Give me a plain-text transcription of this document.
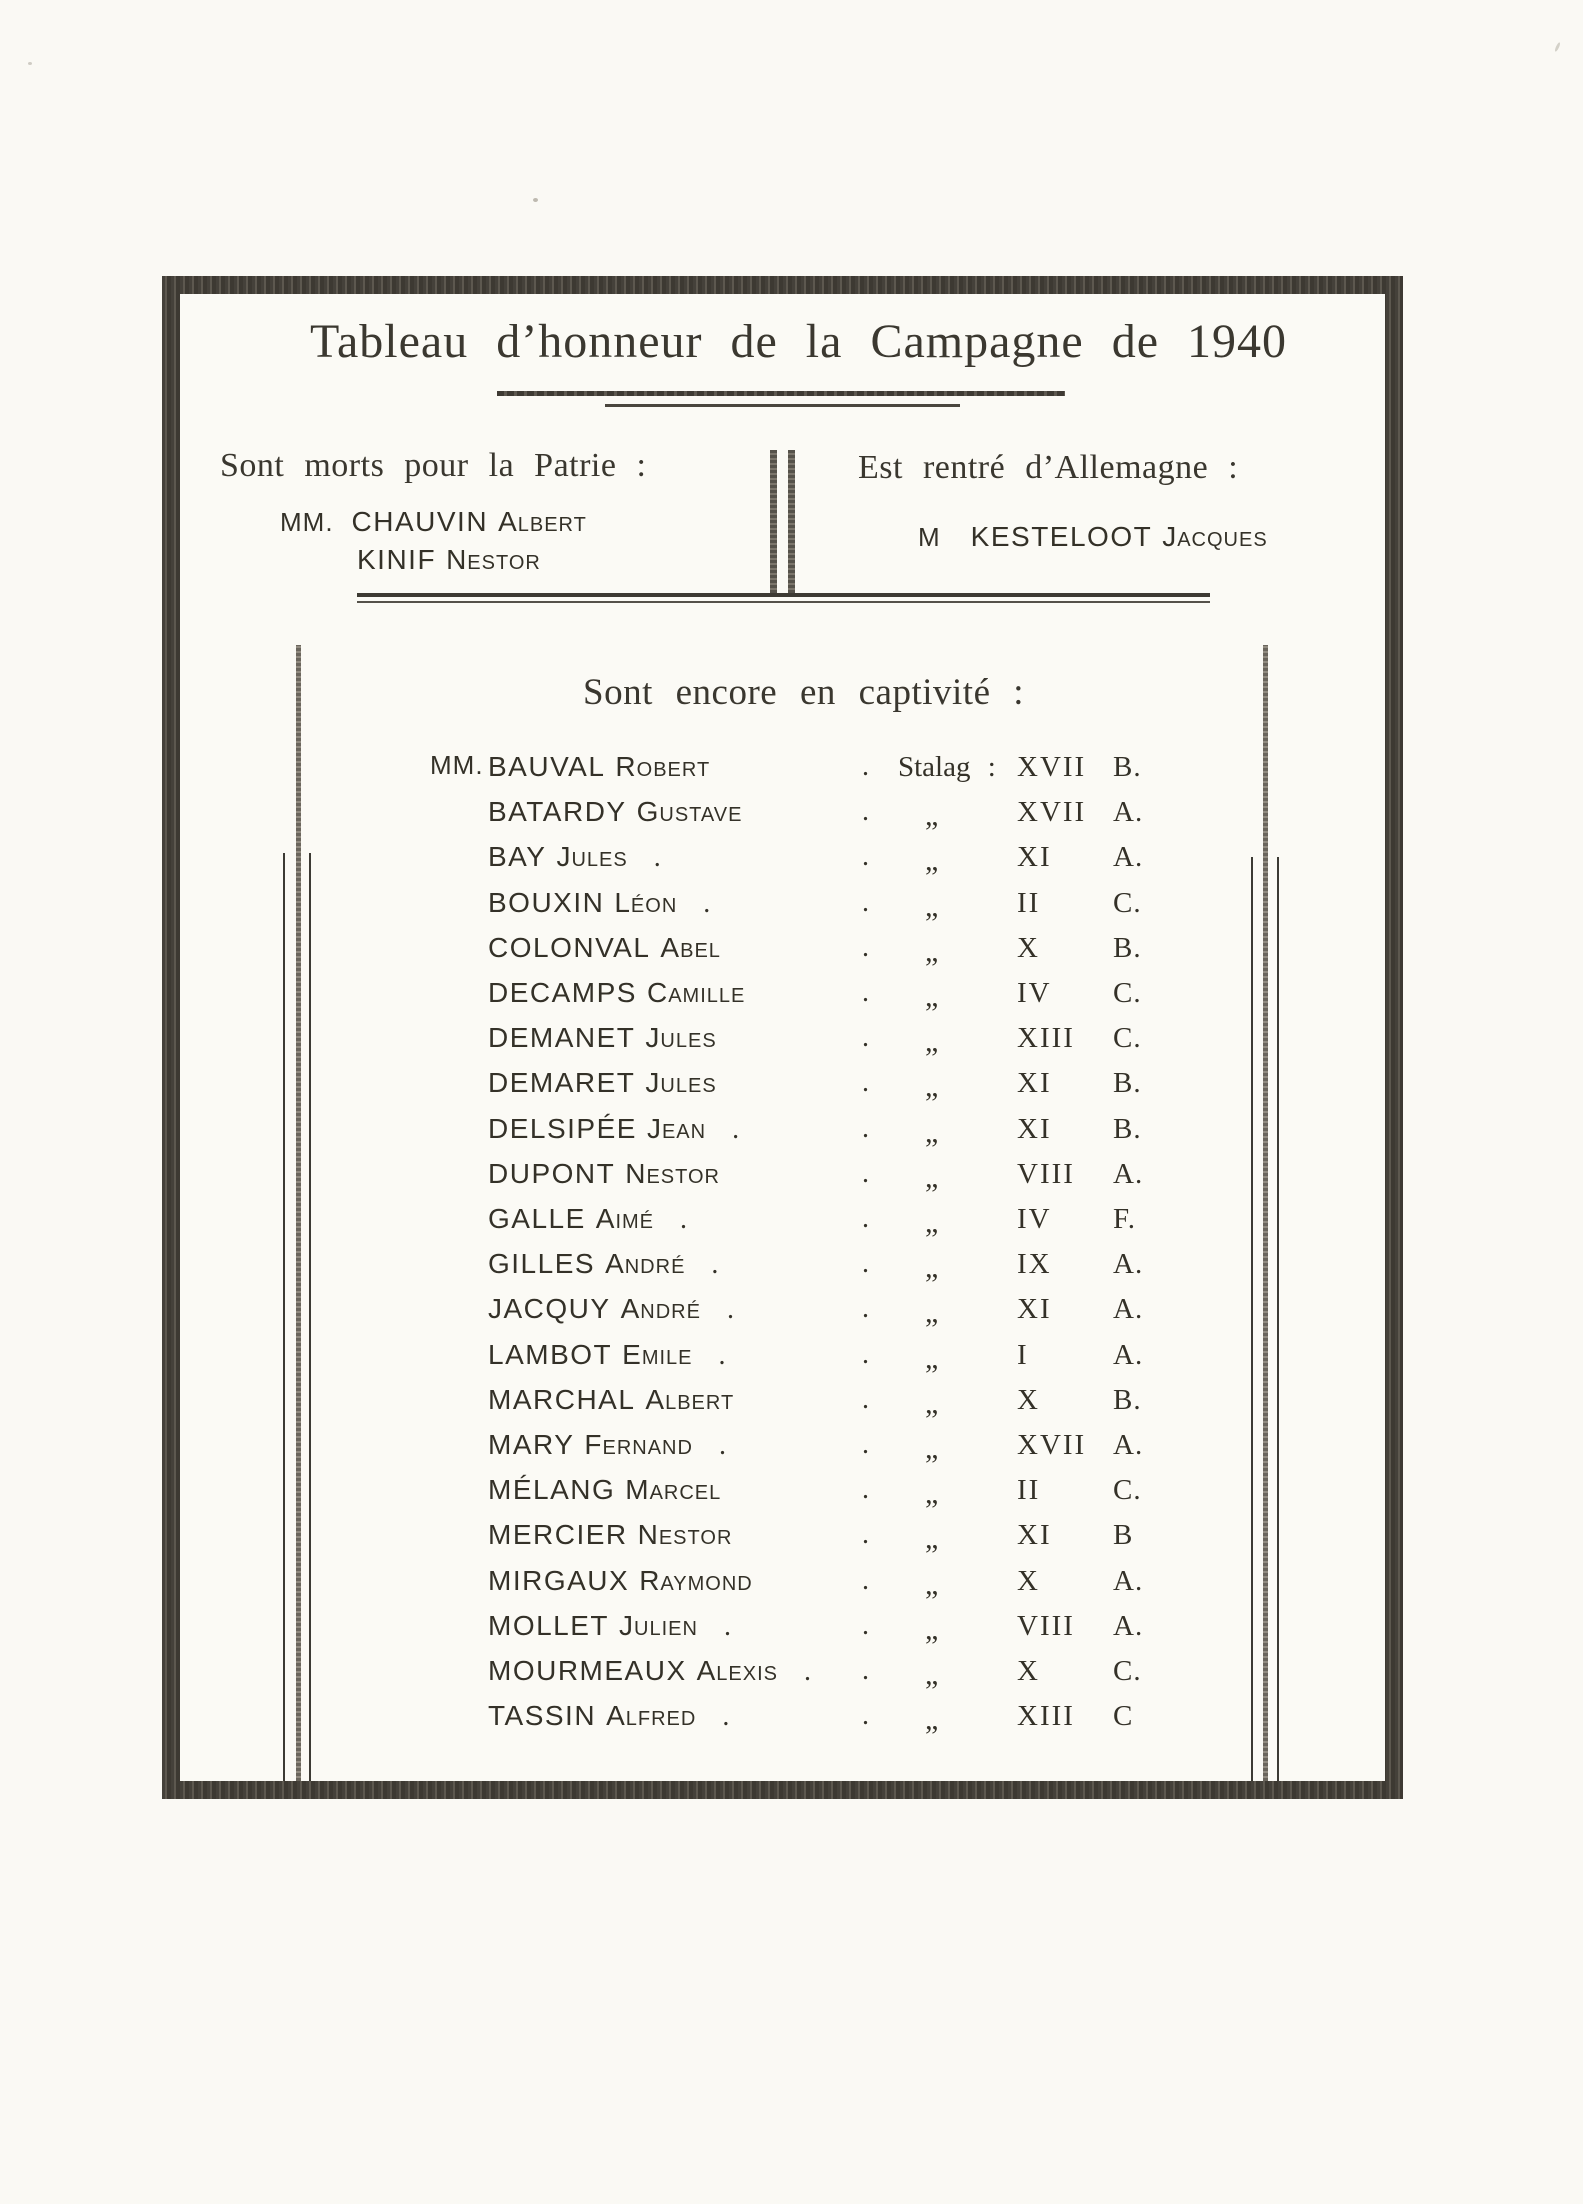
Tableau d’honneur de la Campagne de 1940
Sont morts pour la Patrie :
MM. CHAUVIN Albert
KINIF Nestor
Est rentré d’Allemagne :
M KESTELOOT Jacques
Sont encore en captivité :
MM. BAUVAL Robert	. Stalag : XVII B.
BATARDY Gustave	. „	XVII A.
BAY Jules .	. „	XI A.
BOUXIN Léon .	. „	II	C.
COLONVAL Abel	. „	X	B.
DECAMPS Camille	. „	IV C.
DEMANET Jules	. „	XIII C.
DEMARET Jules	. „	XI B.
DELSIPÉE Jean .	. „	XI B.
DUPONT Nestor	. „	VIII A.
GALLE Aimé .	. „	IV F.
GILLES André .	. „	IX A.
JACQUY André .	. „	XI A.
LAMBOT Emile .	. „	I	A.
MARCHAL Albert	. „	X	B.
MARY Fernand .	. „	XVII A.
MÉLANG Marcel	. „	II	C.
MERCIER Nestor	. „	XI B
MIRGAUX Raymond	. „	X	A.
MOLLET Julien .	. „	VIII A.
MOURMEAUX Alexis . . „	X	C.
TASSIN Alfred .	. „	XIII C
